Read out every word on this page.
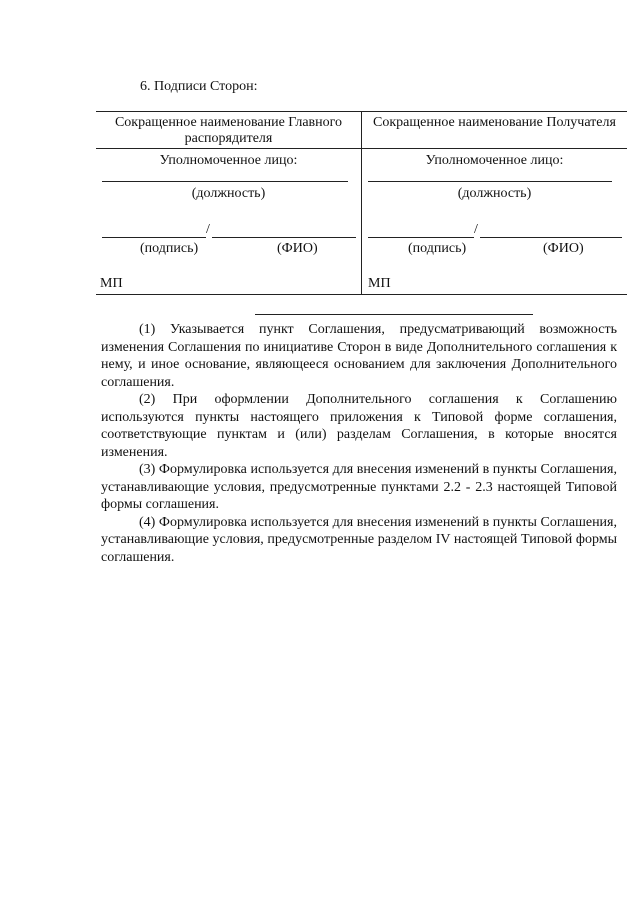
6. Подписи Сторон:
Сокращенное наименование Главного распорядителя
Уполномоченное лицо:
(должность)
/
(подпись)	(ФИО)
МП
Сокращенное наименование Получателя
Уполномоченное лицо:
(должность)
/
(подпись)	(ФИО)
МП

(1) Указывается пункт Соглашения, предусматривающий возможность изменения Соглашения по инициативе Сторон в виде Дополнительного соглашения к нему, и иное основание, являющееся основанием для заключения Дополнительного соглашения.

(2) При оформлении Дополнительного соглашения к Соглашению используются пункты настоящего приложения к Типовой форме соглашения, соответствующие пунктам и (или) разделам Соглашения, в которые вносятся изменения.

(3) Формулировка используется для внесения изменений в пункты Соглашения, устанавливающие условия, предусмотренные пунктами 2.2 - 2.3 настоящей Типовой формы соглашения.

(4) Формулировка используется для внесения изменений в пункты Соглашения, устанавливающие условия, предусмотренные разделом IV настоящей Типовой формы соглашения.
